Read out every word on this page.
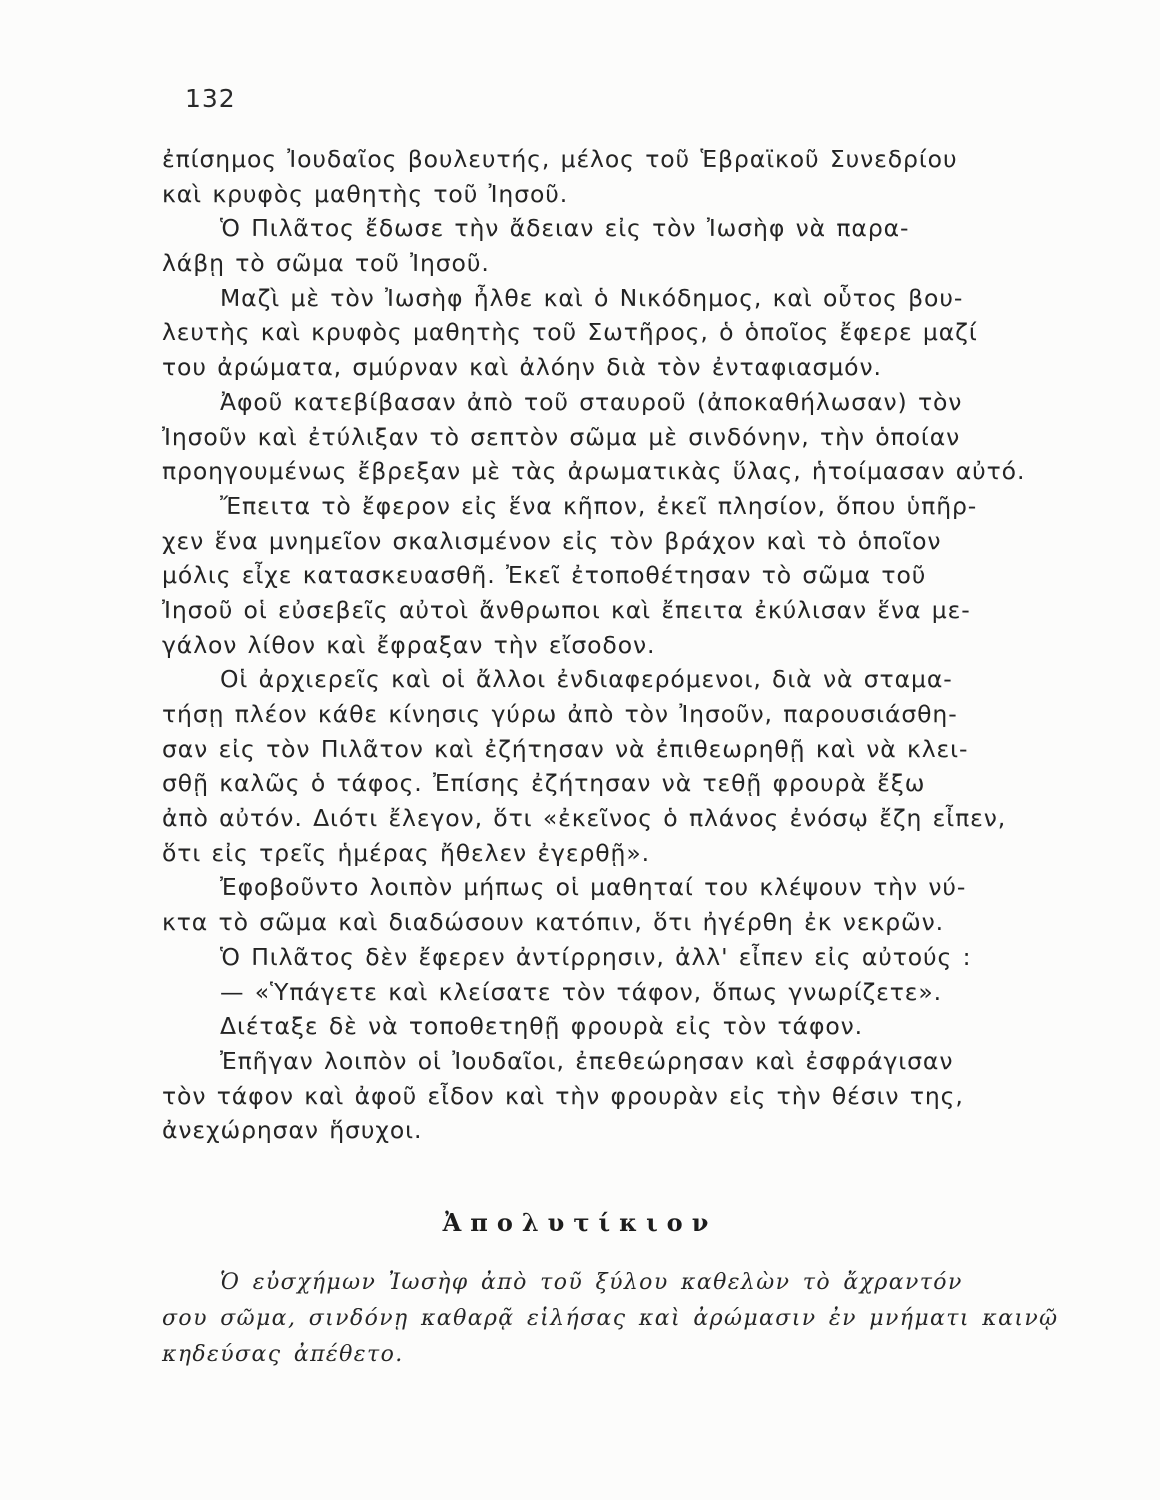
132
ἐπίσημος Ἰουδαῖος βουλευτής, μέλος τοῦ Ἑβραϊκοῦ Συνεδρίου
καὶ κρυφὸς μαθητὴς τοῦ Ἰησοῦ.
Ὁ Πιλᾶτος ἔδωσε τὴν ἄδειαν εἰς τὸν Ἰωσὴφ νὰ παρα-
λάβῃ τὸ σῶμα τοῦ Ἰησοῦ.
Μαζὶ μὲ τὸν Ἰωσὴφ ἦλθε καὶ ὁ Νικόδημος, καὶ οὗτος βου-
λευτὴς καὶ κρυφὸς μαθητὴς τοῦ Σωτῆρος, ὁ ὁποῖος ἔφερε μαζί
του ἀρώματα, σμύρναν καὶ ἀλόην διὰ τὸν ἐνταφιασμόν.
Ἀφοῦ κατεβίβασαν ἀπὸ τοῦ σταυροῦ (ἀποκαθήλωσαν) τὸν
Ἰησοῦν καὶ ἐτύλιξαν τὸ σεπτὸν σῶμα μὲ σινδόνην, τὴν ὁποίαν
προηγουμένως ἔβρεξαν μὲ τὰς ἀρωματικὰς ὕλας, ἡτοίμασαν αὐτό.
Ἔπειτα τὸ ἔφερον εἰς ἕνα κῆπον, ἐκεῖ πλησίον, ὅπου ὑπῆρ-
χεν ἕνα μνημεῖον σκαλισμένον εἰς τὸν βράχον καὶ τὸ ὁποῖον
μόλις εἶχε κατασκευασθῆ. Ἐκεῖ ἐτοποθέτησαν τὸ σῶμα τοῦ
Ἰησοῦ οἱ εὐσεβεῖς αὐτοὶ ἄνθρωποι καὶ ἔπειτα ἐκύλισαν ἕνα με-
γάλον λίθον καὶ ἔφραξαν τὴν εἴσοδον.
Οἱ ἀρχιερεῖς καὶ οἱ ἄλλοι ἐνδιαφερόμενοι, διὰ νὰ σταμα-
τήσῃ πλέον κάθε κίνησις γύρω ἀπὸ τὸν Ἰησοῦν, παρουσιάσθη-
σαν εἰς τὸν Πιλᾶτον καὶ ἐζήτησαν νὰ ἐπιθεωρηθῇ καὶ νὰ κλει-
σθῇ καλῶς ὁ τάφος. Ἐπίσης ἐζήτησαν νὰ τεθῇ φρουρὰ ἔξω
ἀπὸ αὐτόν. Διότι ἔλεγον, ὅτι «ἐκεῖνος ὁ πλάνος ἐνόσῳ ἔζη εἶπεν,
ὅτι εἰς τρεῖς ἡμέρας ἤθελεν ἐγερθῇ».
Ἐφοβοῦντο λοιπὸν μήπως οἱ μαθηταί του κλέψουν τὴν νύ-
κτα τὸ σῶμα καὶ διαδώσουν κατόπιν, ὅτι ἠγέρθη ἐκ νεκρῶν.
Ὁ Πιλᾶτος δὲν ἔφερεν ἀντίρρησιν, ἀλλ' εἶπεν εἰς αὐτούς :
— «Ὑπάγετε καὶ κλείσατε τὸν τάφον, ὅπως γνωρίζετε».
Διέταξε δὲ νὰ τοποθετηθῇ φρουρὰ εἰς τὸν τάφον.
Ἐπῆγαν λοιπὸν οἱ Ἰουδαῖοι, ἐπεθεώρησαν καὶ ἐσφράγισαν
τὸν τάφον καὶ ἀφοῦ εἶδον καὶ τὴν φρουρὰν εἰς τὴν θέσιν της,
ἀνεχώρησαν ἥσυχοι.
Ἀπολυτίκιον
Ὁ εὐσχήμων Ἰωσὴφ ἀπὸ τοῦ ξύλου καθελὼν τὸ ἄχραντόν
σου σῶμα, σινδόνῃ καθαρᾷ εἱλήσας καὶ ἀρώμασιν ἐν μνήματι καινῷ
κηδεύσας ἀπέθετο.
